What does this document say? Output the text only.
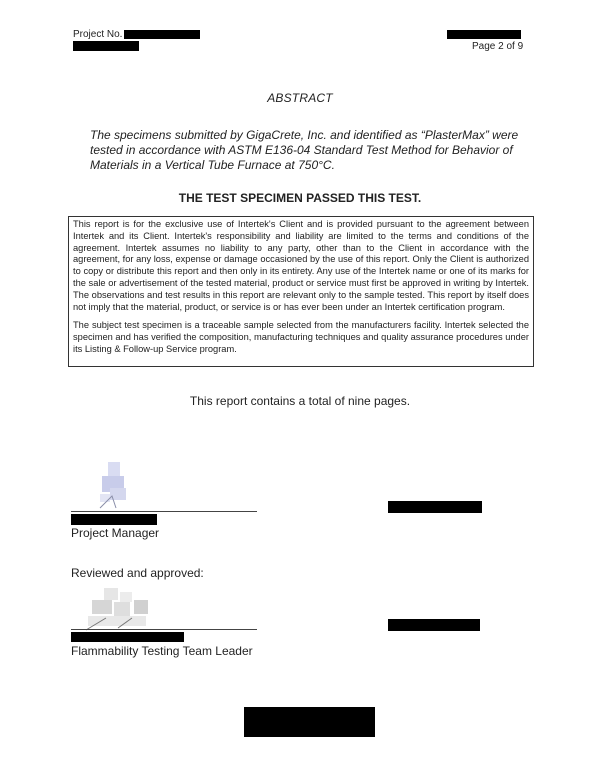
Project No.
Page 2 of 9
ABSTRACT
The specimens submitted by GigaCrete, Inc. and identified as “PlasterMax” were tested in accordance with ASTM E136-04 Standard Test Method for Behavior of Materials in a Vertical Tube Furnace at 750°C.
THE TEST SPECIMEN PASSED THIS TEST.

This report is for the exclusive use of Intertek's Client and is provided pursuant to the agreement between Intertek and its Client. Intertek's responsibility and liability are limited to the terms and conditions of the agreement. Intertek assumes no liability to any party, other than to the Client in accordance with the agreement, for any loss, expense or damage occasioned by the use of this report. Only the Client is authorized to copy or distribute this report and then only in its entirety. Any use of the Intertek name or one of its marks for the sale or advertisement of the tested material, product or service must first be approved in writing by Intertek. The observations and test results in this report are relevant only to the sample tested. This report by itself does not imply that the material, product, or service is or has ever been under an Intertek certification program.

The subject test specimen is a traceable sample selected from the manufacturers facility. Intertek selected the specimen and has verified the composition, manufacturing techniques and quality assurance procedures under its Listing & Follow-up Service program.

This report contains a total of nine pages.
Project Manager
Reviewed and approved:
Flammability Testing Team Leader
